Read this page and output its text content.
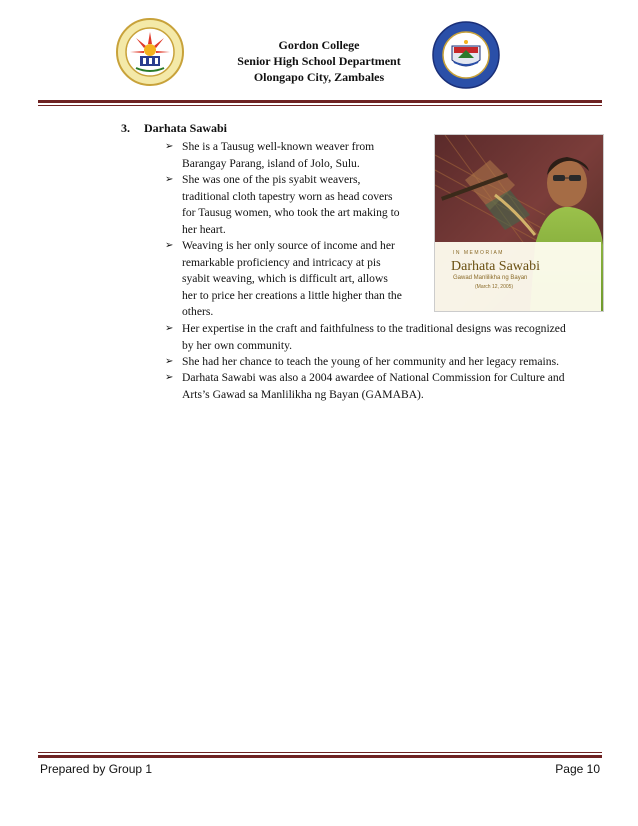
Gordon College
Senior High School Department
Olongapo City, Zambales
3. Darhata Sawabi
➢ She is a Tausug well-known weaver from
Barangay Parang, island of Jolo, Sulu.
➢ She was one of the pis syabit weavers,
traditional cloth tapestry worn as head covers
for Tausug women, who took the art making to
her heart.
➢ Weaving is her only source of income and her
remarkable proficiency and intricacy at pis
syabit weaving, which is difficult art, allows
her to price her creations a little higher than the
others.
➢ Her expertise in the craft and faithfulness to the traditional designs was recognized
by her own community.
➢ She had her chance to teach the young of her community and her legacy remains.
➢ Darhata Sawabi was also a 2004 awardee of National Commission for Culture and
Arts’s Gawad sa Manlilikha ng Bayan (GAMABA).
IN MEMORIAM
Darhata Sawabi
Gawad Manlilikha ng Bayan
(March 12, 2005)
Prepared by Group 1	Page 10
